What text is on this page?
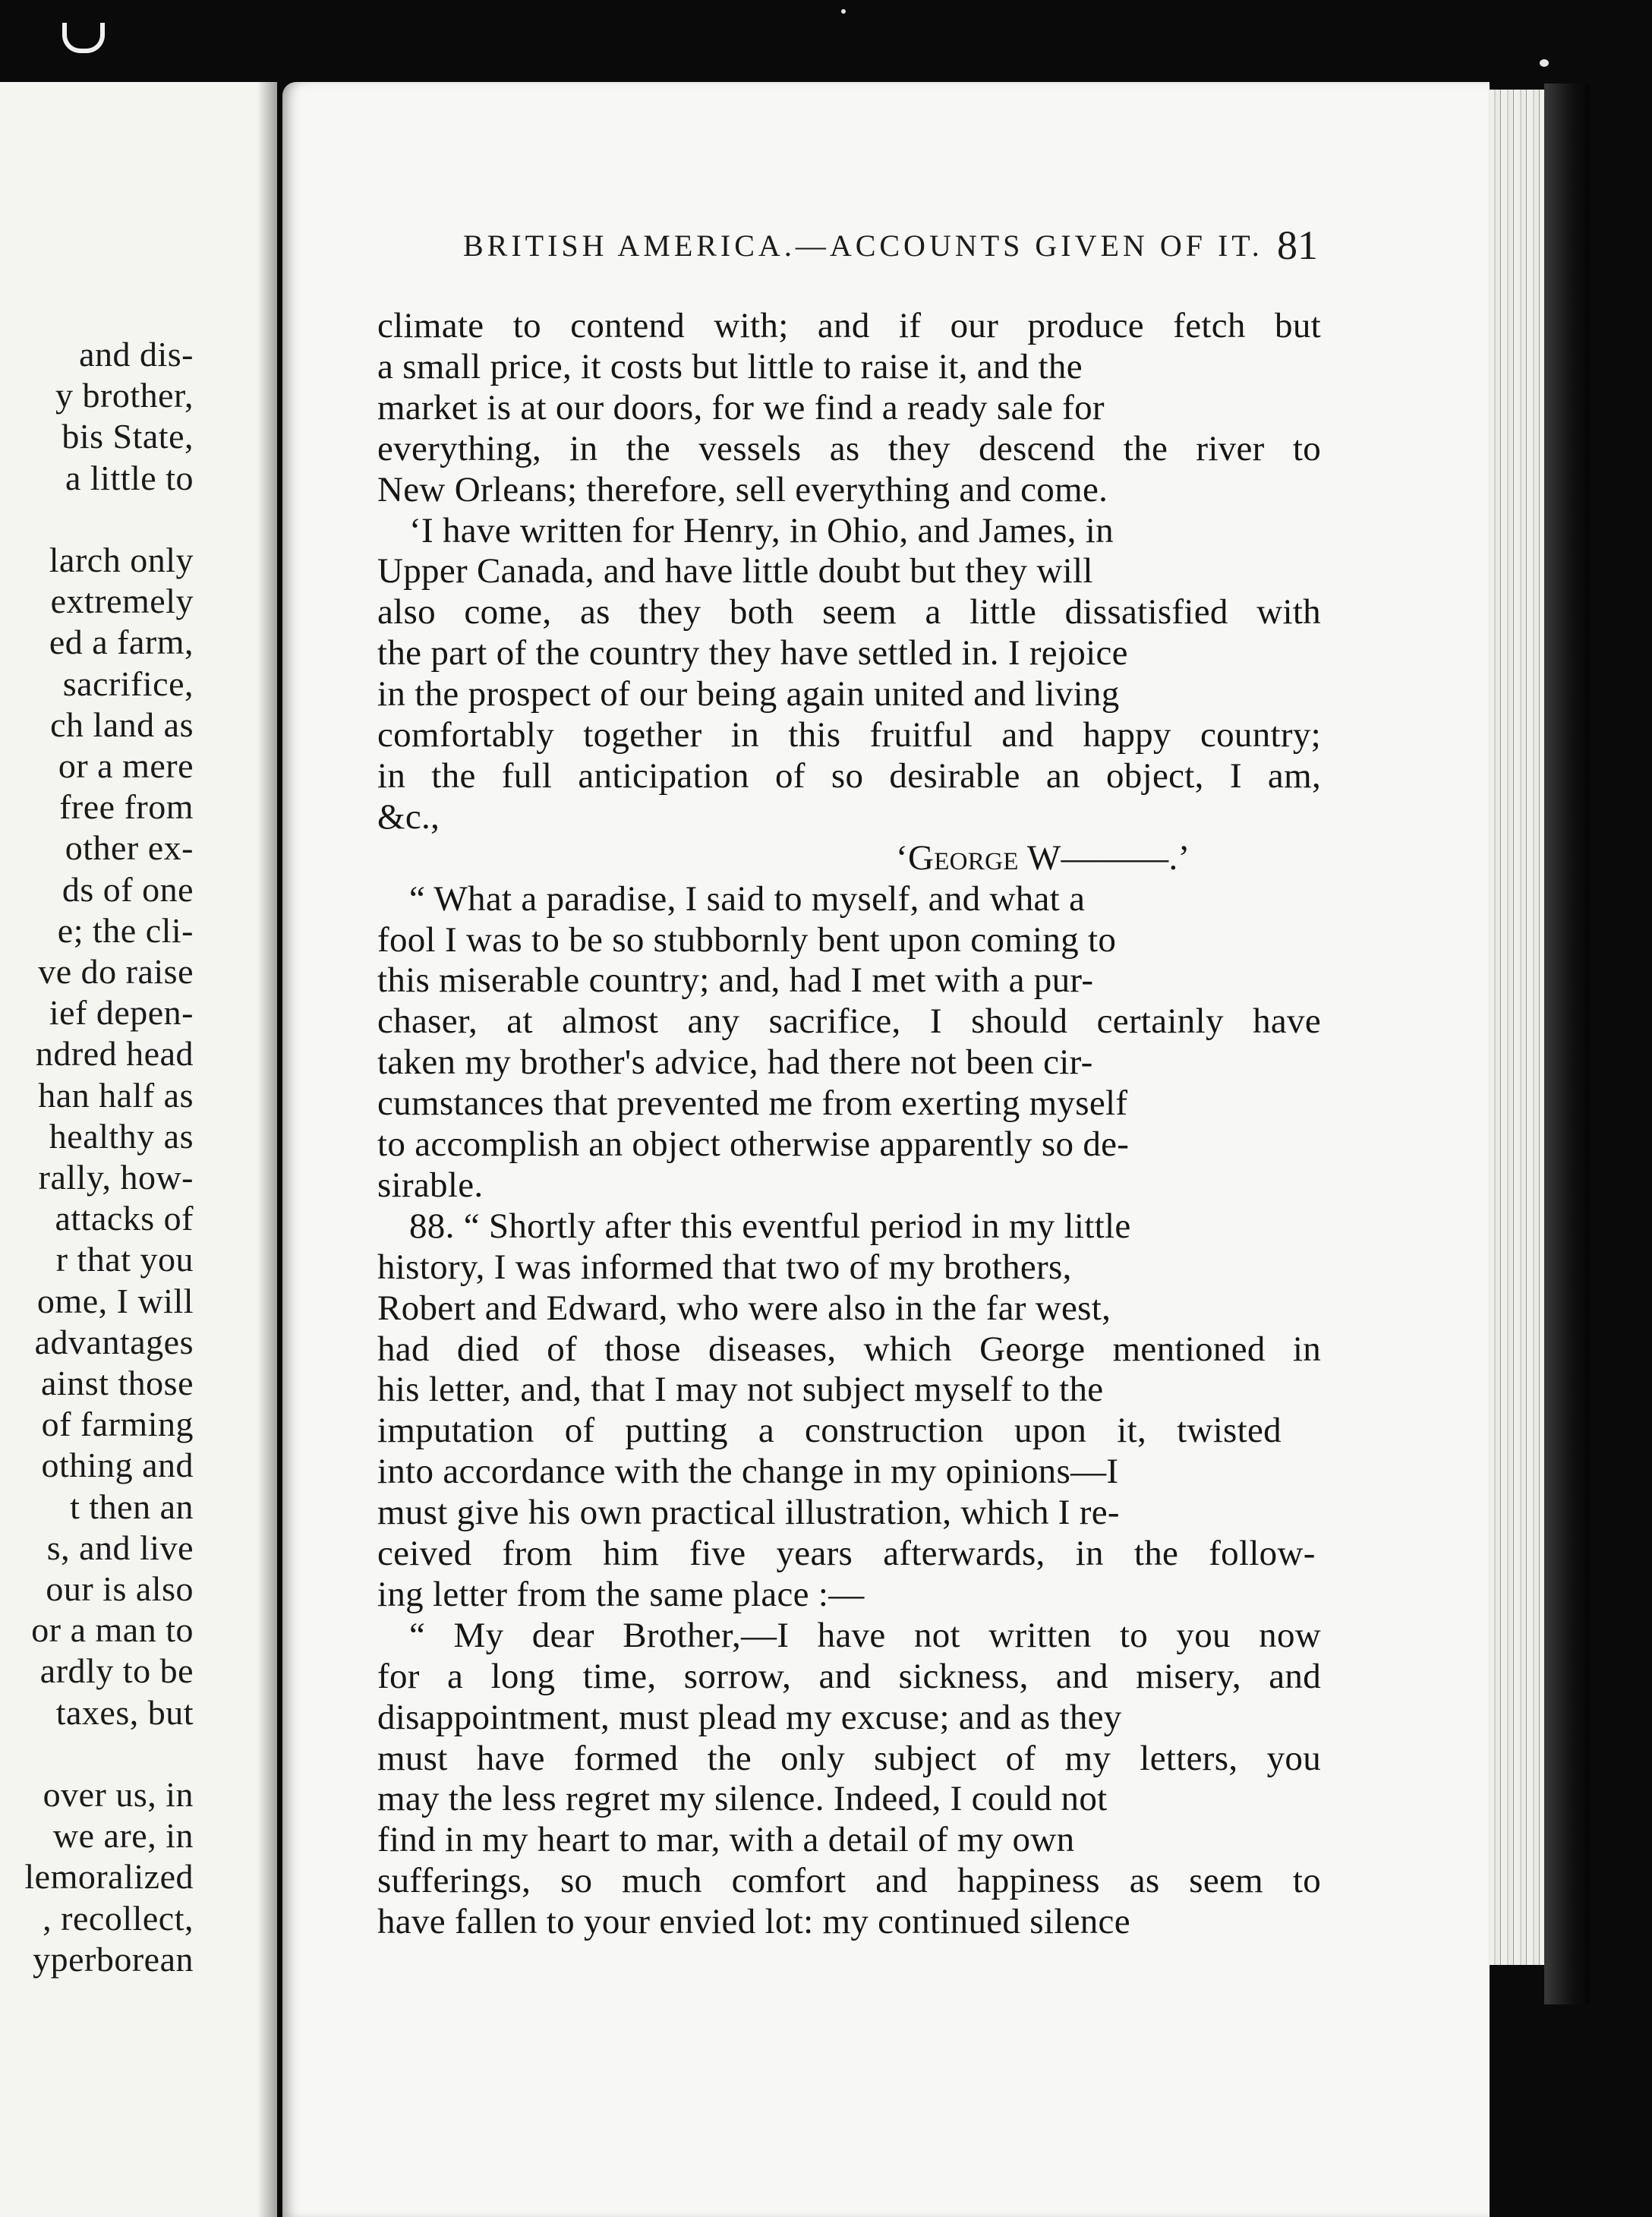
and dis-
y brother,
bis State,
a little to
larch only
extremely
ed a farm,
sacrifice,
ch land as
or a mere
free from
other ex-
ds of one
e; the cli-
ve do raise
ief depen-
ndred head
han half as
healthy as
rally, how-
attacks of
r that you
ome, I will
advantages
ainst those
of farming
othing and
t then an
s, and live
our is also
or a man to
ardly to be
taxes, but
over us, in
we are, in
lemoralized
, recollect,
yperborean
BRITISH AMERICA.—ACCOUNTS GIVEN OF IT. 81
climate to contend with; and if our produce fetch but
a small price, it costs but little to raise it, and the
market is at our doors, for we find a ready sale for
everything, in the vessels as they descend the river to
New Orleans; therefore, sell everything and come.
‘I have written for Henry, in Ohio, and James, in
Upper Canada, and have little doubt but they will
also come, as they both seem a little dissatisfied with
the part of the country they have settled in. I rejoice
in the prospect of our being again united and living
comfortably together in this fruitful and happy country;
in the full anticipation of so desirable an object, I am,
&c.,
‘George W———.’
“ What a paradise, I said to myself, and what a
fool I was to be so stubbornly bent upon coming to
this miserable country; and, had I met with a pur-
chaser, at almost any sacrifice, I should certainly have
taken my brother's advice, had there not been cir-
cumstances that prevented me from exerting myself
to accomplish an object otherwise apparently so de-
sirable.
88. “ Shortly after this eventful period in my little
history, I was informed that two of my brothers,
Robert and Edward, who were also in the far west,
had died of those diseases, which George mentioned in
his letter, and, that I may not subject myself to the
imputation of putting a construction upon it, twisted
into accordance with the change in my opinions—I
must give his own practical illustration, which I re-
ceived from him five years afterwards, in the follow-
ing letter from the same place :—
“ My dear Brother,—I have not written to you now
for a long time, sorrow, and sickness, and misery, and
disappointment, must plead my excuse; and as they
must have formed the only subject of my letters, you
may the less regret my silence. Indeed, I could not
find in my heart to mar, with a detail of my own
sufferings, so much comfort and happiness as seem to
have fallen to your envied lot: my continued silence
